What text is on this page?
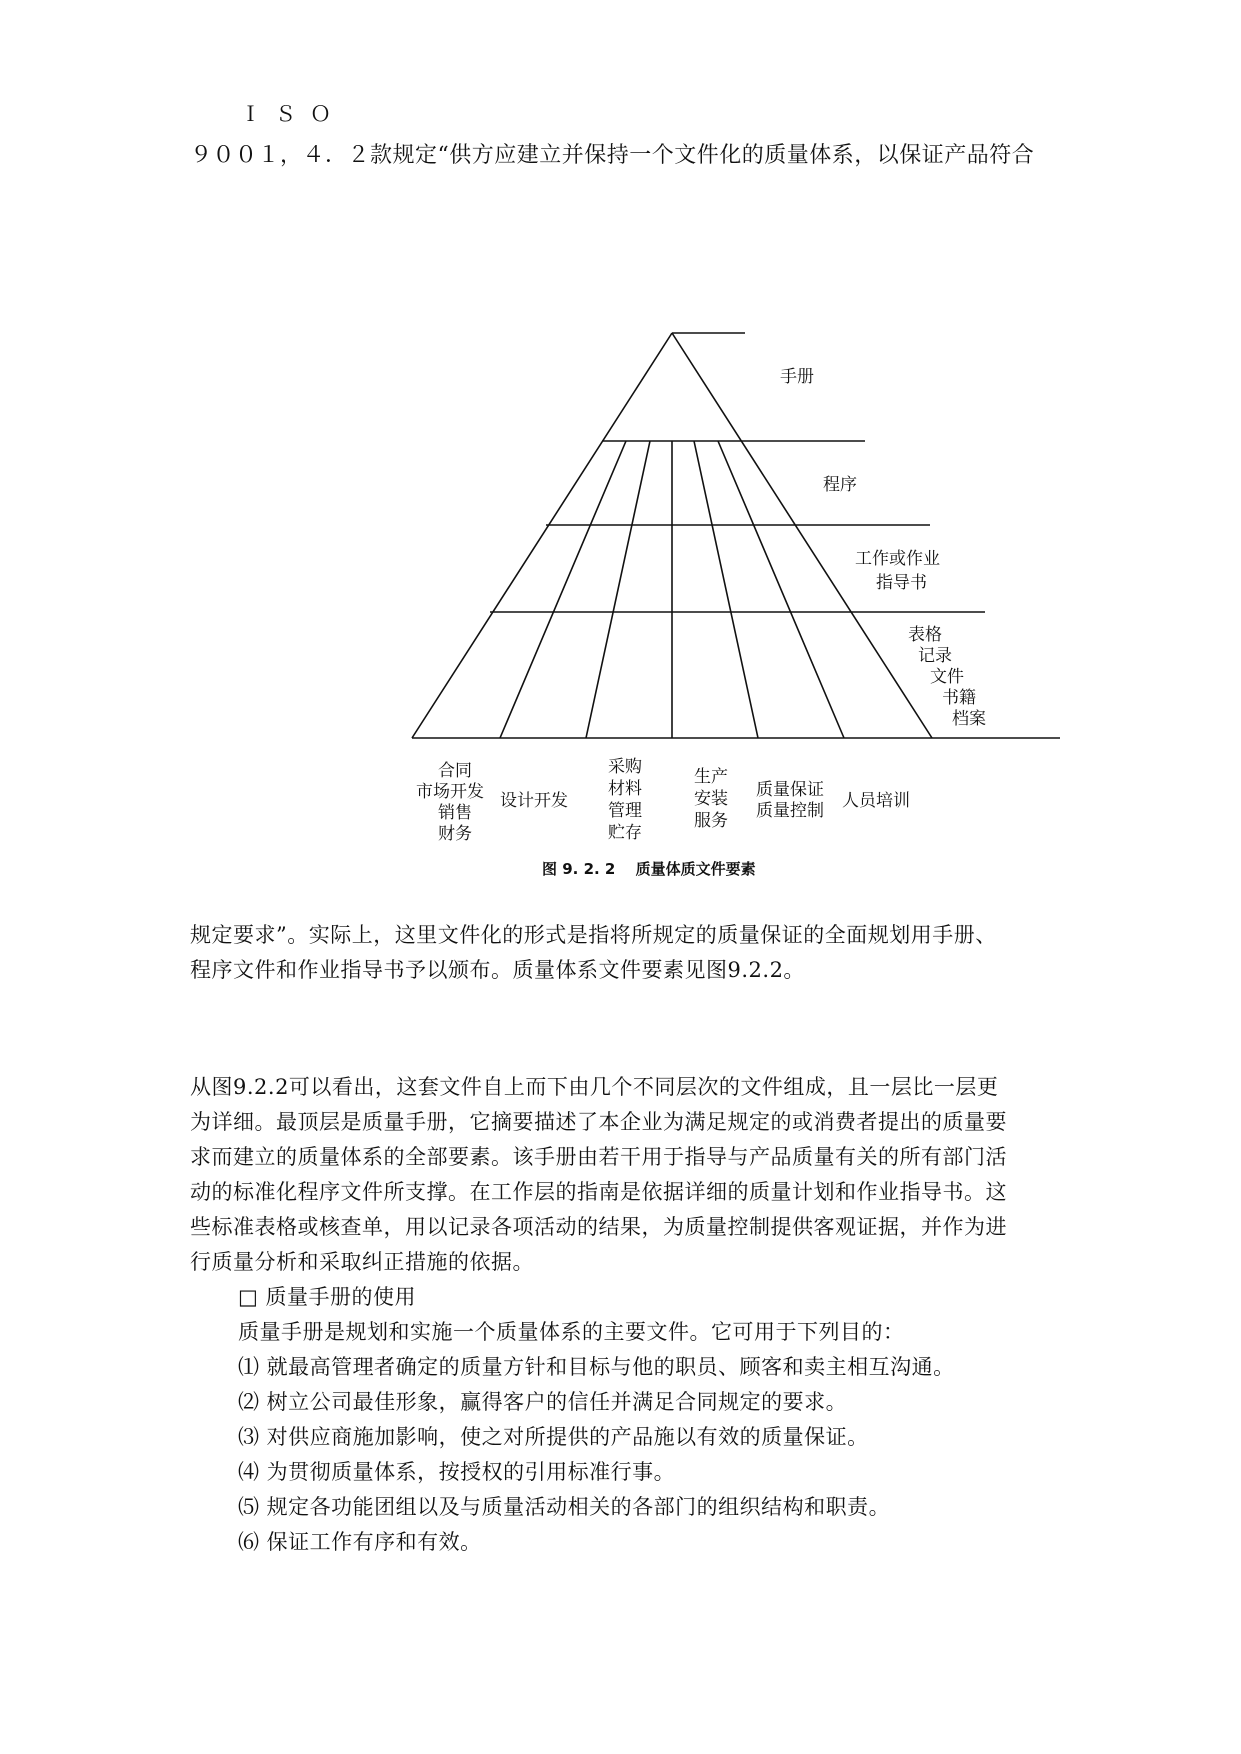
ＩＳＯ
９００１，４．２款规定“供方应建立并保持一个文件化的质量体系，以保证产品符合
手册
程序
工作或作业
指导书
表格
记录
文件
书籍
档案
合同
市场开发
销售
财务
设计开发
采购
材料
管理
贮存
生产
安装
服务
质量保证
质量控制 人员培训
图 9. 2. 2　 质量体质文件要素

规定要求”。实际上，这里文件化的形式是指将所规定的质量保证的全面规划用手册、

程序文件和作业指导书予以颁布。质量体系文件要素见图9.2.2。

从图9.2.2可以看出，这套文件自上而下由几个不同层次的文件组成，且一层比一层更

为详细。最顶层是质量手册，它摘要描述了本企业为满足规定的或消费者提出的质量要

求而建立的质量体系的全部要素。该手册由若干用于指导与产品质量有关的所有部门活

动的标准化程序文件所支撑。在工作层的指南是依据详细的质量计划和作业指导书。这

些标准表格或核查单，用以记录各项活动的结果，为质量控制提供客观证据，并作为进

行质量分析和采取纠正措施的依据。

□ 质量手册的使用

质量手册是规划和实施一个质量体系的主要文件。它可用于下列目的：

⑴ 就最高管理者确定的质量方针和目标与他的职员、顾客和卖主相互沟通。

⑵ 树立公司最佳形象，赢得客户的信任并满足合同规定的要求。

⑶ 对供应商施加影响，使之对所提供的产品施以有效的质量保证。

⑷ 为贯彻质量体系，按授权的引用标准行事。

⑸ 规定各功能团组以及与质量活动相关的各部门的组织结构和职责。

⑹ 保证工作有序和有效。
